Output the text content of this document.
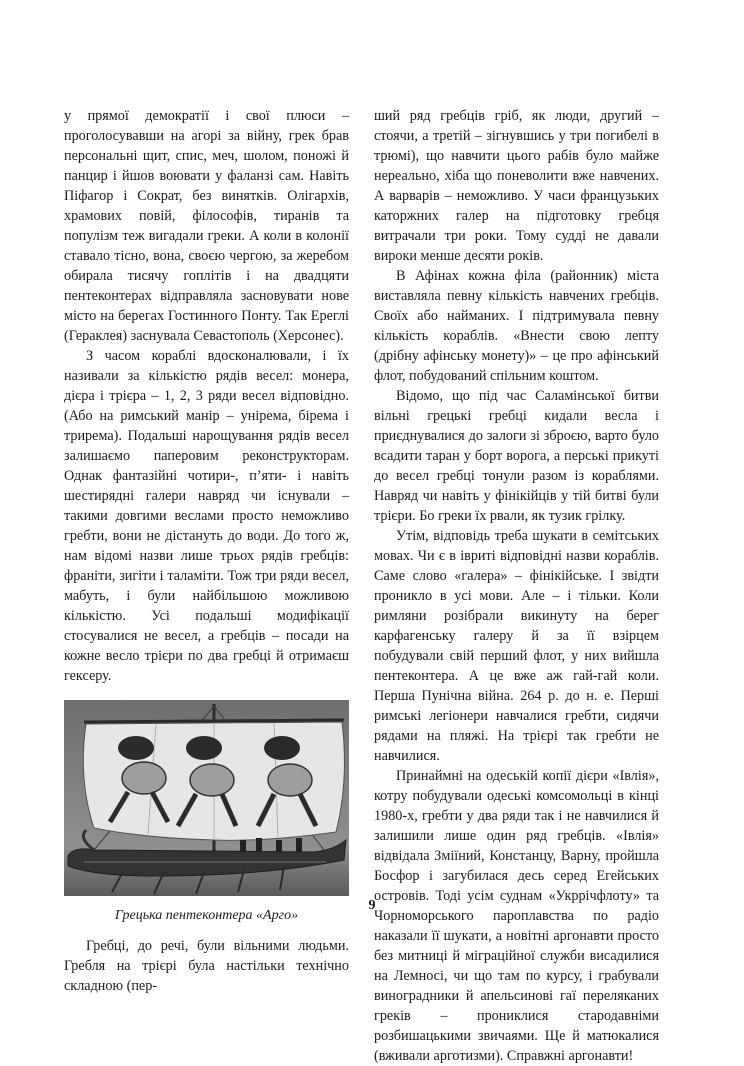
у прямої демократії і свої плюси – проголосувавши на агорі за війну, грек брав персональні щит, спис, меч, шолом, поножі й панцир і йшов воювати у фаланзі сам. Навіть Піфагор і Сократ, без винятків. Олігархів, храмових повій, філософів, тиранів та популізм теж вигадали греки. А коли в колонії ставало тісно, вона, своєю чергою, за жеребом обирала тисячу гоплітів і на двадцяти пентеконтерах відправляла засновувати нове місто на берегах Гостинного Понту. Так Ереглі (Гераклея) заснувала Севастополь (Херсонес).

З часом кораблі вдосконалювали, і їх називали за кількістю рядів весел: монера, дієра і трієра – 1, 2, 3 ряди весел відповідно. (Або на римський манір – унірема, бірема і трирема). Подальші нарощування рядів весел залишаємо паперовим реконструкторам. Однак фантазійні чотири-, п’яти- і навіть шестирядні галери навряд чи існували – такими довгими веслами просто неможливо гребти, вони не дістануть до води. До того ж, нам відомі назви лише трьох рядів гребців: франіти, зигіти і таламіти. Тож три ряди весел, мабуть, і були найбільшою можливою кількістю. Усі подальші модифікації стосувалися не весел, а гребців – посади на кожне весло трієри по два гребці й отримаєш гексеру.

Грецька пентеконтера «Арго»

Гребці, до речі, були вільними людьми. Гребля на трієрі була настільки технічно складною (пер-

ший ряд гребців гріб, як люди, другий – стоячи, а третій – зігнувшись у три погибелі в трюмі), що навчити цього рабів було майже нереально, хіба що поневолити вже навчених. А варварів – неможливо. У часи французьких каторжних галер на підготовку гребця витрачали три роки. Тому судді не давали вироки менше десяти років.

В Афінах кожна філа (районник) міста виставляла певну кількість навчених гребців. Своїх або найманих. І підтримувала певну кількість кораблів. «Внести свою лепту (дрібну афінську монету)» – це про афінський флот, побудований спільним коштом.

Відомо, що під час Саламінської битви вільні грецькі гребці кидали весла і приєднувалися до залоги зі зброєю, варто було всадити таран у борт ворога, а перські прикуті до весел гребці тонули разом із кораблями. Навряд чи навіть у фінікійців у тій битві були трієри. Бо греки їх рвали, як тузик грілку.

Утім, відповідь треба шукати в семітських мовах. Чи є в івриті відповідні назви кораблів. Саме слово «галера» – фінікійське. І звідти проникло в усі мови. Але – і тільки. Коли римляни розібрали викинуту на берег карфагенську галеру й за її взірцем побудували свій перший флот, у них вийшла пентеконтера. А це вже аж гай-гай коли. Перша Пунічна війна. 264 р. до н. е. Перші римські легіонери навчалися гребти, сидячи рядами на пляжі. На трієрі так гребти не навчилися.

Принаймні на одеській копії дієри «Івлія», котру побудували одеські комсомольці в кінці 1980-х, гребти у два ряди так і не навчилися й залишили лише один ряд гребців. «Івлія» відвідала Зміїний, Констанцу, Варну, пройшла Босфор і загубилася десь серед Егейських островів. Тоді усім суднам «Укррічфлоту» та Чорноморського пароплавства по радіо наказали її шукати, а новітні аргонавти просто без митниці й міграційної служби висадилися на Лемносі, чи що там по курсу, і грабували виноградники й апельсинові гаї переляканих греків – прониклися стародавніми розбишацькими звичаями. Ще й матюкалися (вживали арготизми). Справжні аргонавти!

9
